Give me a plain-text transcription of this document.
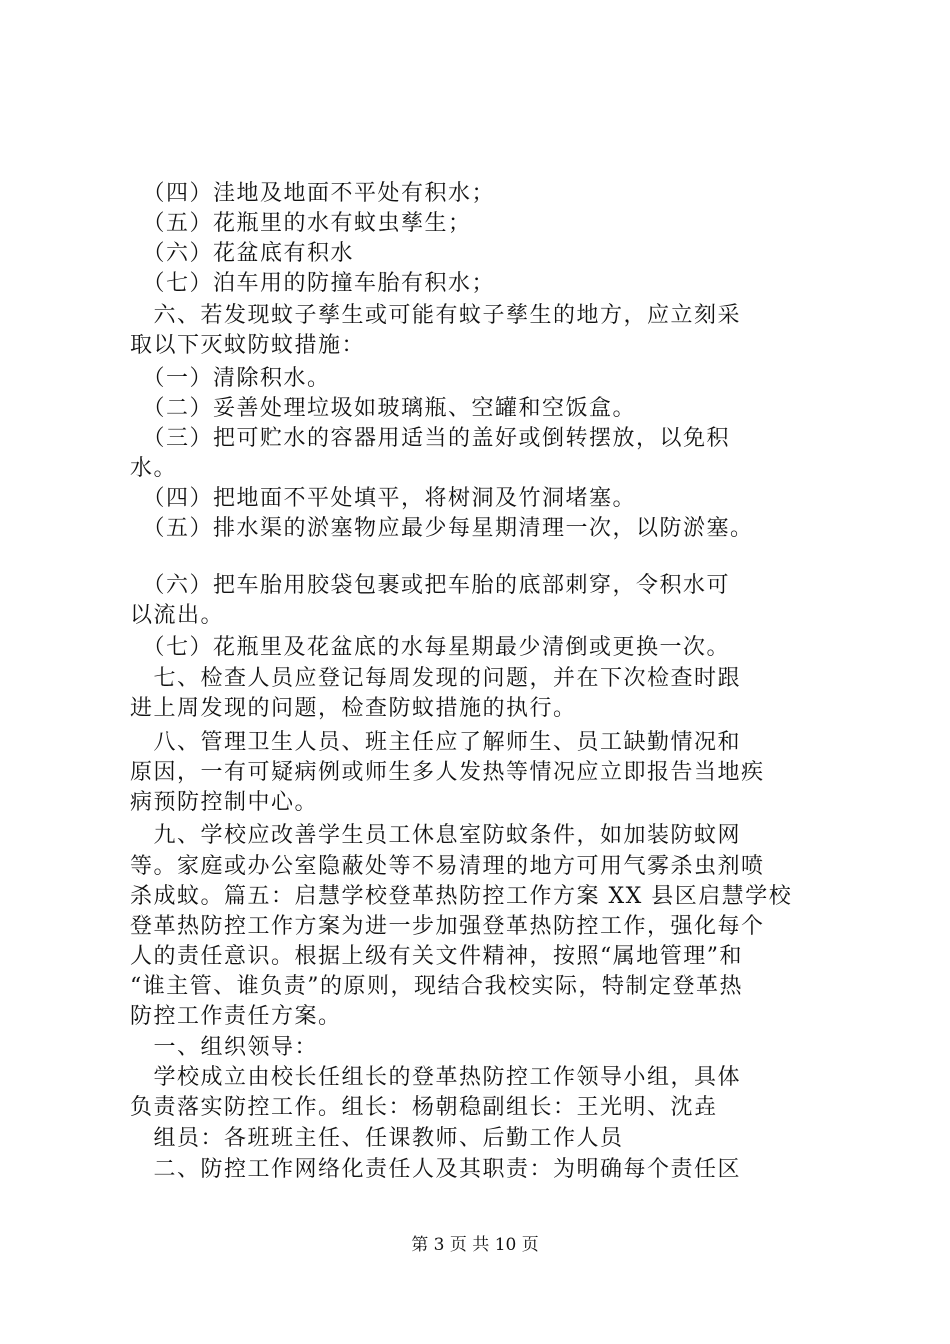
　（四）洼地及地面不平处有积水；
　（五）花瓶里的水有蚊虫孳生；
　（六）花盆底有积水
　（七）泊车用的防撞车胎有积水；
　六、若发现蚊子孳生或可能有蚊子孳生的地方，应立刻采
取以下灭蚊防蚊措施：
　（一）清除积水。
　（二）妥善处理垃圾如玻璃瓶、空罐和空饭盒。
　（三）把可贮水的容器用适当的盖好或倒转摆放，以免积
水。
　（四）把地面不平处填平，将树洞及竹洞堵塞。
　（五）排水渠的淤塞物应最少每星期清理一次，以防淤塞。
　（六）把车胎用胶袋包裹或把车胎的底部刺穿，令积水可
以流出。
　（七）花瓶里及花盆底的水每星期最少清倒或更换一次。
　七、检查人员应登记每周发现的问题，并在下次检查时跟
进上周发现的问题，检查防蚊措施的执行。
　八、管理卫生人员、班主任应了解师生、员工缺勤情况和
原因，一有可疑病例或师生多人发热等情况应立即报告当地疾
病预防控制中心。
　九、学校应改善学生员工休息室防蚊条件，如加装防蚊网
等。家庭或办公室隐蔽处等不易清理的地方可用气雾杀虫剂喷
杀成蚊。篇五：启慧学校登革热防控工作方案 XX 县区启慧学校
登革热防控工作方案为进一步加强登革热防控工作，强化每个
人的责任意识。根据上级有关文件精神，按照“属地管理”和
“谁主管、谁负责”的原则，现结合我校实际，特制定登革热
防控工作责任方案。
　一、组织领导：
　学校成立由校长任组长的登革热防控工作领导小组，具体
负责落实防控工作。组长：杨朝稳副组长：王光明、沈垚
　组员：各班班主任、任课教师、后勤工作人员
　二、防控工作网络化责任人及其职责：为明确每个责任区
第 3 页 共 10 页
